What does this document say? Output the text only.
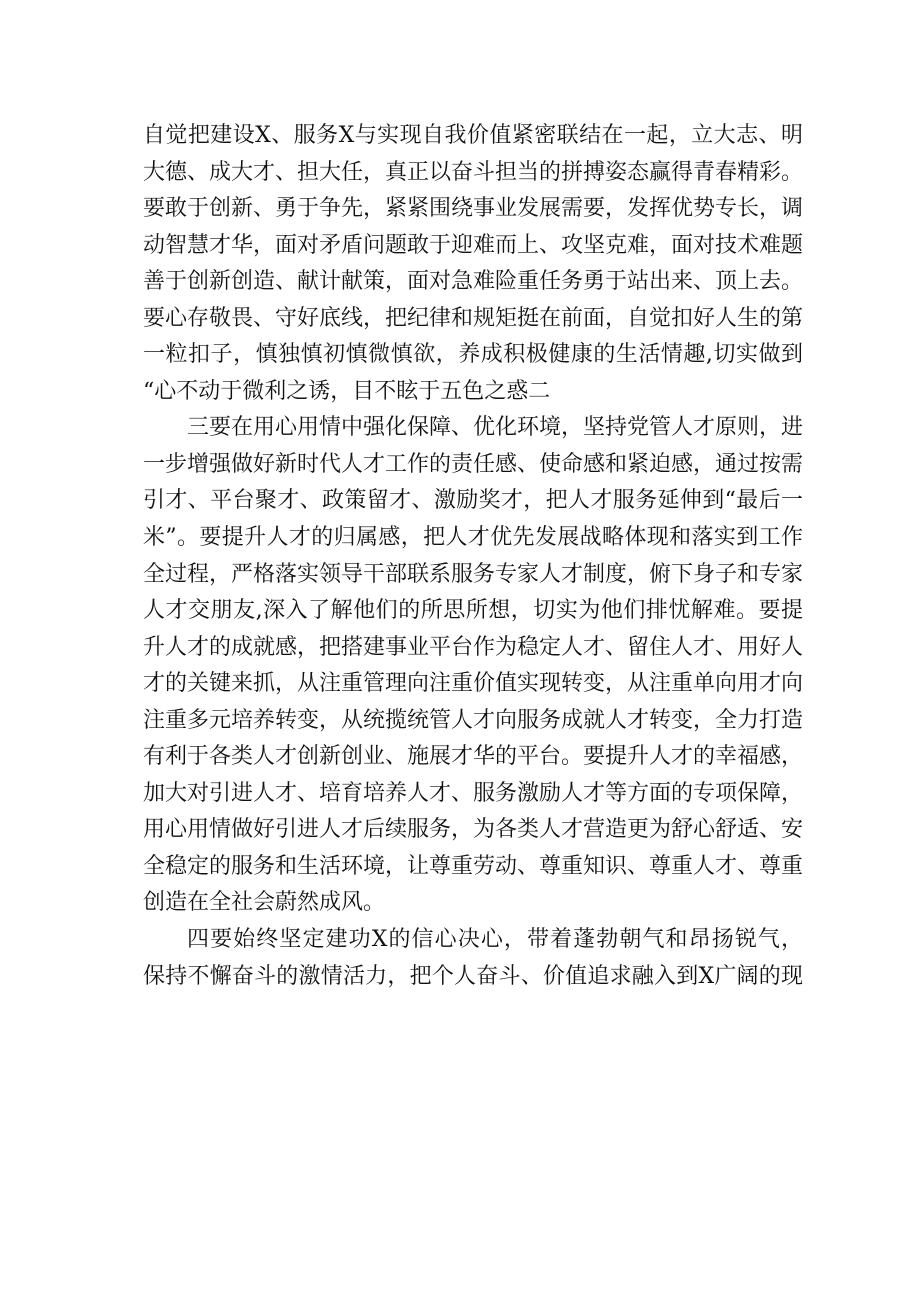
自觉把建设X、服务X与实现自我价值紧密联结在一起，立大志、明
大德、成大才、担大任，真正以奋斗担当的拼搏姿态赢得青春精彩。
要敢于创新、勇于争先，紧紧围绕事业发展需要，发挥优势专长，调
动智慧才华，面对矛盾问题敢于迎难而上、攻坚克难，面对技术难题
善于创新创造、献计献策，面对急难险重任务勇于站出来、顶上去。
要心存敬畏、守好底线，把纪律和规矩挺在前面，自觉扣好人生的第
一粒扣子，慎独慎初慎微慎欲，养成积极健康的生活情趣,切实做到
“心不动于微利之诱，目不眩于五色之惑二
三要在用心用情中强化保障、优化环境，坚持党管人才原则，进
一步增强做好新时代人才工作的责任感、使命感和紧迫感，通过按需
引才、平台聚才、政策留才、激励奖才，把人才服务延伸到“最后一
米”。要提升人才的归属感，把人才优先发展战略体现和落实到工作
全过程，严格落实领导干部联系服务专家人才制度，俯下身子和专家
人才交朋友,深入了解他们的所思所想，切实为他们排忧解难。要提
升人才的成就感，把搭建事业平台作为稳定人才、留住人才、用好人
才的关键来抓，从注重管理向注重价值实现转变，从注重单向用才向
注重多元培养转变，从统揽统管人才向服务成就人才转变，全力打造
有利于各类人才创新创业、施展才华的平台。要提升人才的幸福感，
加大对引进人才、培育培养人才、服务激励人才等方面的专项保障，
用心用情做好引进人才后续服务，为各类人才营造更为舒心舒适、安
全稳定的服务和生活环境，让尊重劳动、尊重知识、尊重人才、尊重
创造在全社会蔚然成风。
四要始终坚定建功X的信心决心，带着蓬勃朝气和昂扬锐气，
保持不懈奋斗的激情活力，把个人奋斗、价值追求融入到X广阔的现
